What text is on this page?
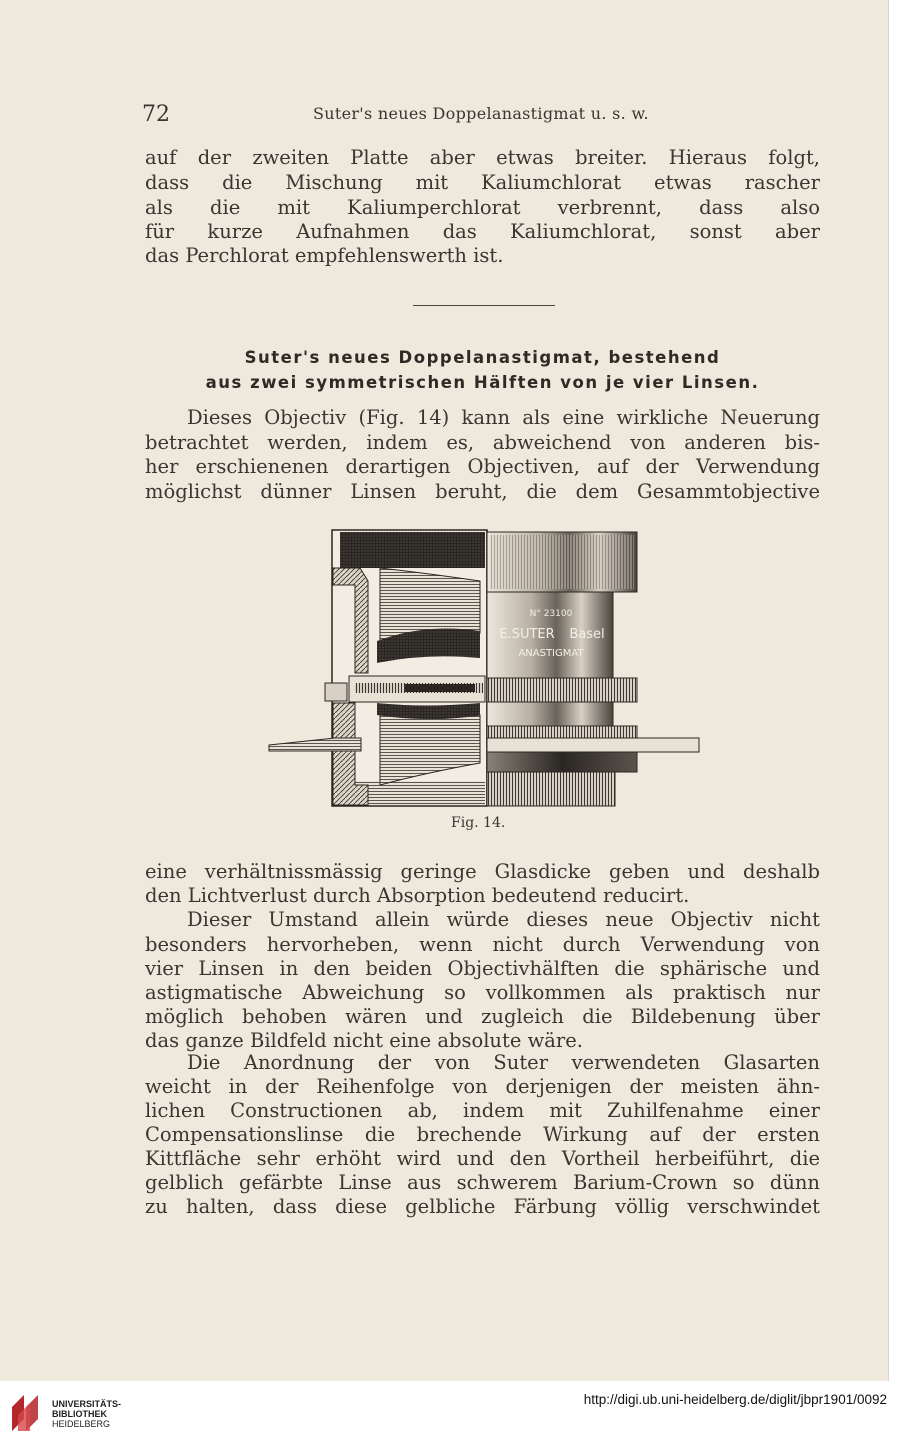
72	Suter's neues Doppelanastigmat u. s. w.
auf der zweiten Platte aber etwas breiter. Hieraus folgt,
dass die Mischung mit Kaliumchlorat etwas rascher
als die mit Kaliumperchlorat verbrennt, dass also
für kurze Aufnahmen das Kaliumchlorat, sonst aber
das Perchlorat empfehlenswerth ist.
Suter's neues Doppelanastigmat, bestehend
aus zwei symmetrischen Hälften von je vier Linsen.
Dieses Objectiv (Fig. 14) kann als eine wirkliche Neuerung
betrachtet werden, indem es, abweichend von anderen bis-
her erschienenen derartigen Objectiven, auf der Verwendung
möglichst dünner Linsen beruht, die dem Gesammtobjective
N° 23100
E.SUTER Basel
ANASTIGMAT
Fig. 14.
eine verhältnissmässig geringe Glasdicke geben und deshalb
den Lichtverlust durch Absorption bedeutend reducirt.
Dieser Umstand allein würde dieses neue Objectiv nicht
besonders hervorheben, wenn nicht durch Verwendung von
vier Linsen in den beiden Objectivhälften die sphärische und
astigmatische Abweichung so vollkommen als praktisch nur
möglich behoben wären und zugleich die Bildebenung über
das ganze Bildfeld nicht eine absolute wäre.
Die Anordnung der von Suter verwendeten Glasarten
weicht in der Reihenfolge von derjenigen der meisten ähn-
lichen Constructionen ab, indem mit Zuhilfenahme einer
Compensationslinse die brechende Wirkung auf der ersten
Kittfläche sehr erhöht wird und den Vortheil herbeiführt, die
gelblich gefärbte Linse aus schwerem Barium-Crown so dünn
zu halten, dass diese gelbliche Färbung völlig verschwindet
UNIVERSITÄTS-
BIBLIOTHEK
HEIDELBERG
http://digi.ub.uni-heidelberg.de/diglit/jbpr1901/0092
